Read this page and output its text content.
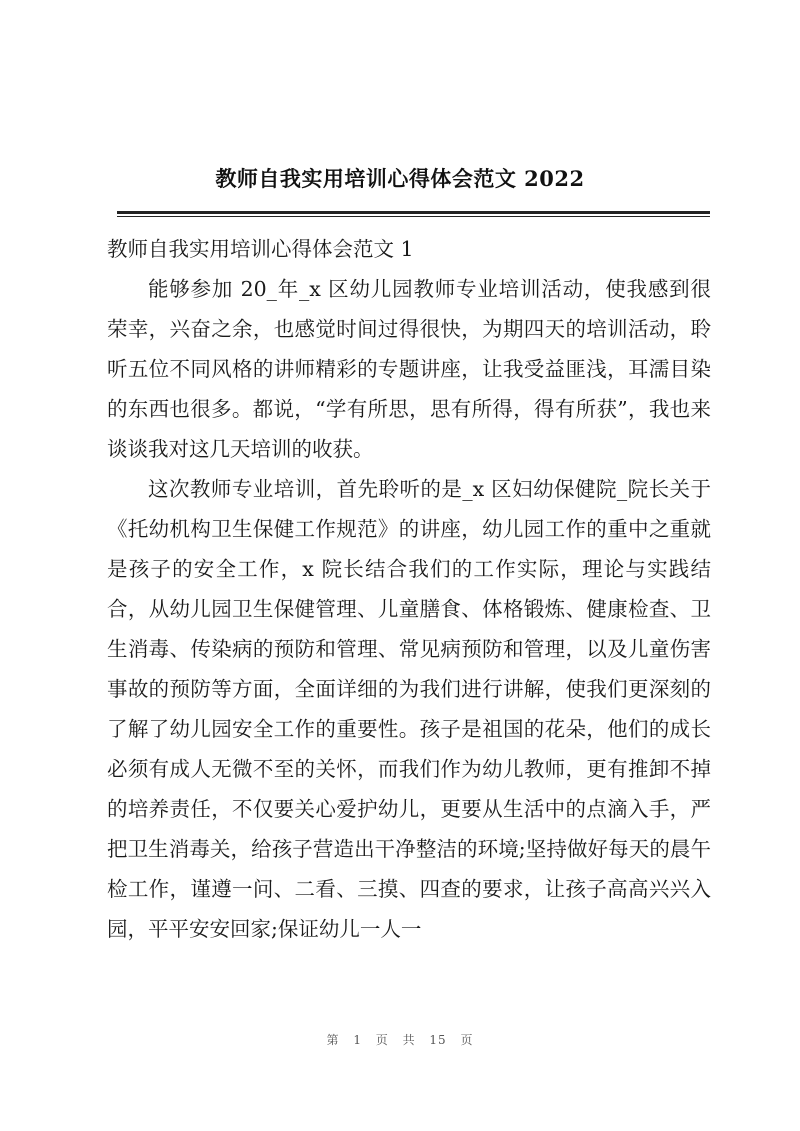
教师自我实用培训心得体会范文 2022

教师自我实用培训心得体会范文 1

能够参加 20_年_x 区幼儿园教师专业培训活动，使我感到很荣幸，兴奋之余，也感觉时间过得很快，为期四天的培训活动，聆听五位不同风格的讲师精彩的专题讲座，让我受益匪浅，耳濡目染的东西也很多。都说，“学有所思，思有所得，得有所获”，我也来谈谈我对这几天培训的收获。

这次教师专业培训，首先聆听的是_x 区妇幼保健院_院长关于《托幼机构卫生保健工作规范》的讲座，幼儿园工作的重中之重就是孩子的安全工作，x 院长结合我们的工作实际，理论与实践结合，从幼儿园卫生保健管理、儿童膳食、体格锻炼、健康检查、卫生消毒、传染病的预防和管理、常见病预防和管理，以及儿童伤害事故的预防等方面，全面详细的为我们进行讲解，使我们更深刻的了解了幼儿园安全工作的重要性。孩子是祖国的花朵，他们的成长必须有成人无微不至的关怀，而我们作为幼儿教师，更有推卸不掉的培养责任，不仅要关心爱护幼儿，更要从生活中的点滴入手，严把卫生消毒关，给孩子营造出干净整洁的环境;坚持做好每天的晨午检工作，谨遵一问、二看、三摸、四查的要求，让孩子高高兴兴入园，平平安安回家;保证幼儿一人一

第 1 页 共 15 页
